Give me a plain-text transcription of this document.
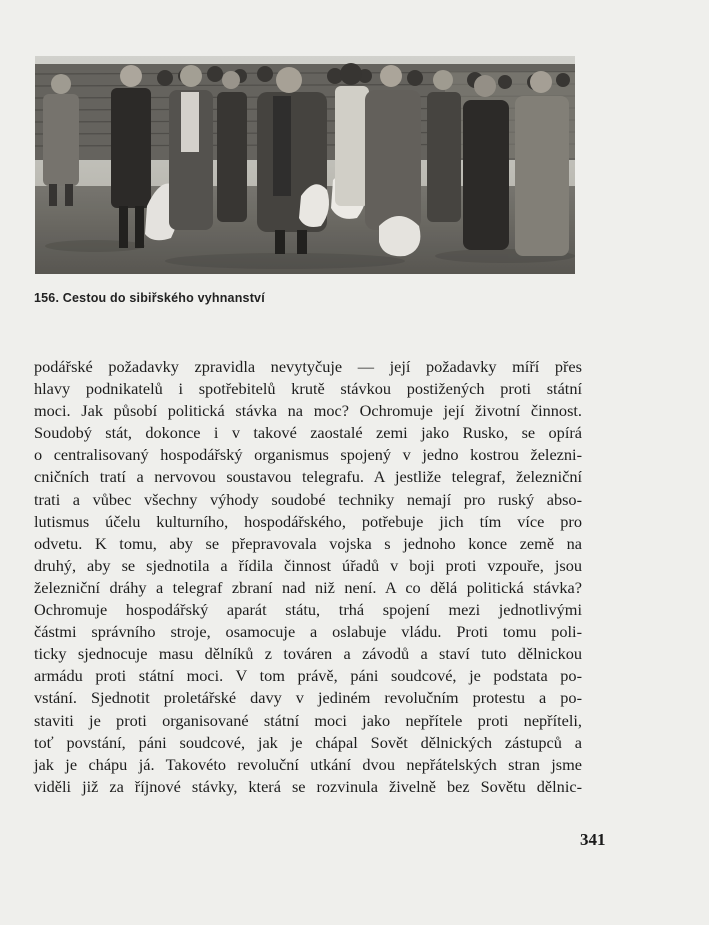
156. Cestou do sibiřského vyhnanství
podářské požadavky zpravidla nevytyčuje — její požadavky míří přes
hlavy podnikatelů i spotřebitelů krutě stávkou postižených proti státní
moci. Jak působí politická stávka na moc? Ochromuje její životní činnost.
Soudobý stát, dokonce i v takové zaostalé zemi jako Rusko, se opírá
o centralisovaný hospodářský organismus spojený v jedno kostrou železni-
cničních tratí a nervovou soustavou telegrafu. A jestliže telegraf, železniční
trati a vůbec všechny výhody soudobé techniky nemají pro ruský abso-
lutismus účelu kulturního, hospodářského, potřebuje jich tím více pro
odvetu. K tomu, aby se přepravovala vojska s jednoho konce země na
druhý, aby se sjednotila a řídila činnost úřadů v boji proti vzpouře, jsou
železniční dráhy a telegraf zbraní nad niž není. A co dělá politická stávka?
Ochromuje hospodářský aparát státu, trhá spojení mezi jednotlivými
částmi správního stroje, osamocuje a oslabuje vládu. Proti tomu poli-
ticky sjednocuje masu dělníků z továren a závodů a staví tuto dělnickou
armádu proti státní moci. V tom právě, páni soudcové, je podstata po-
vstání. Sjednotit proletářské davy v jediném revolučním protestu a po-
staviti je proti organisované státní moci jako nepřítele proti nepříteli,
toť povstání, páni soudcové, jak je chápal Sovět dělnických zástupců a
jak je chápu já. Takovéto revoluční utkání dvou nepřátelských stran jsme
viděli již za říjnové stávky, která se rozvinula živelně bez Sovětu dělnic-
341
